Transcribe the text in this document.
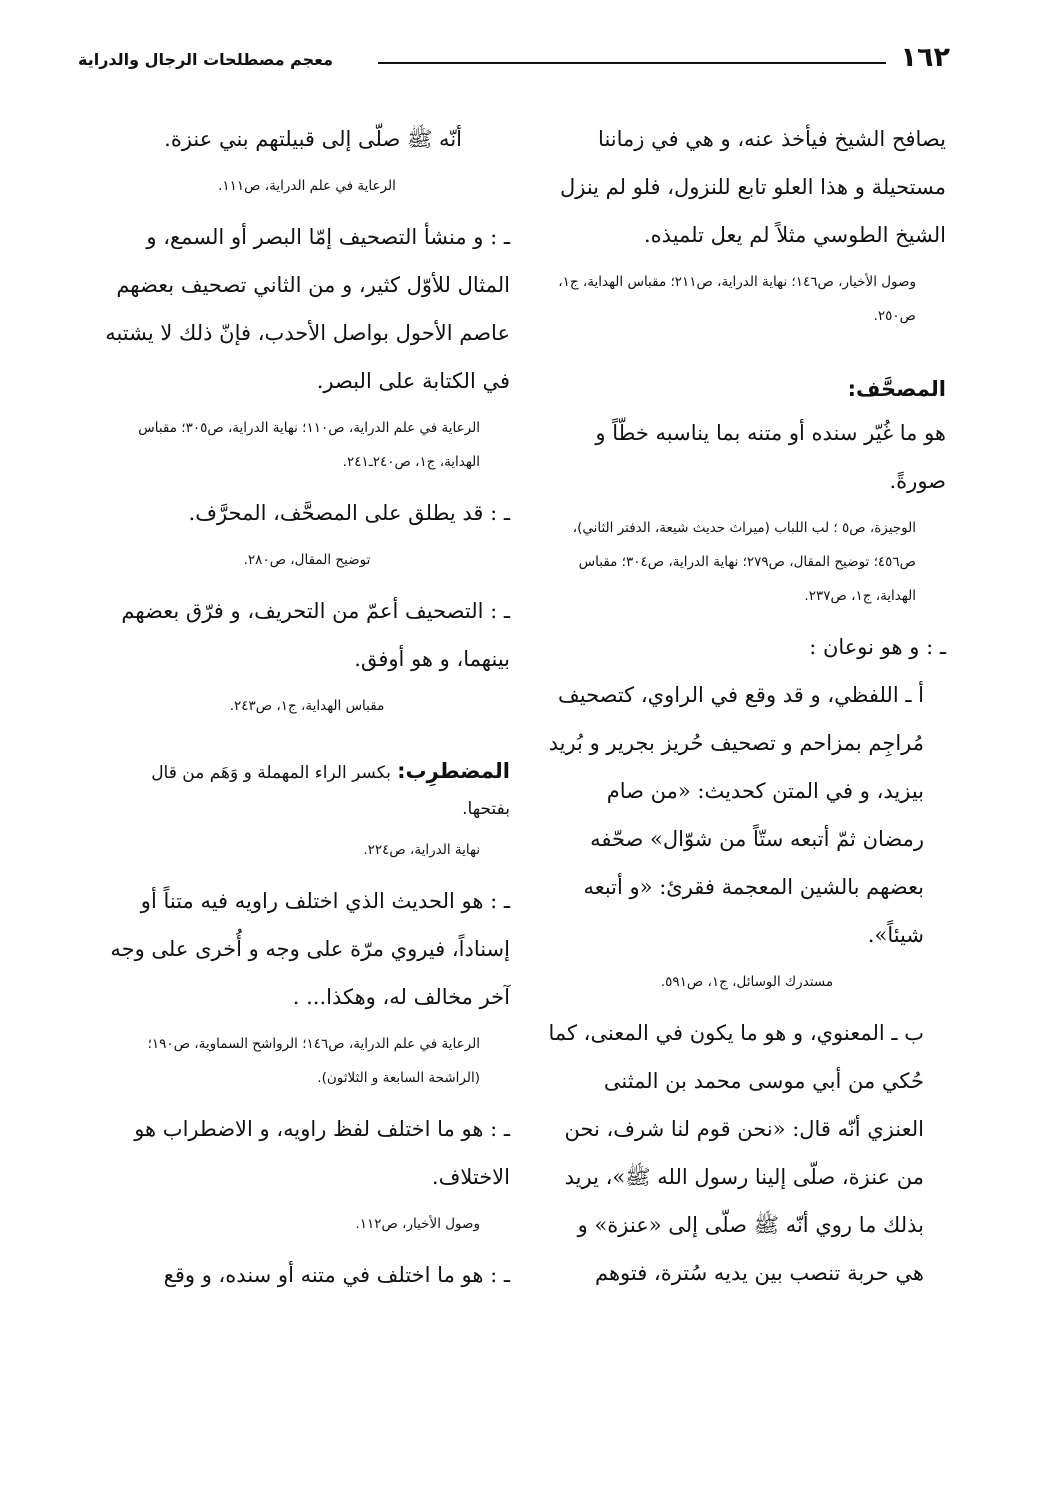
١٦٢
معجم مصطلحات الرجال والدراية

يصافح الشيخ فيأخذ عنه، و هي في زماننا مستحيلة و هذا العلو تابع للنزول، فلو لم ينزل الشيخ الطوسي مثلاً لم يعل تلميذه.

وصول الأخيار، ص١٤٦؛ نهاية الدراية، ص٢١١؛ مقباس الهداية، ج١، ص٢٥٠.

المصحَّف:

هو ما غُيّر سنده أو متنه بما يناسبه خطّاً و صورةً.

الوجيزة، ص٥ ؛ لب اللباب (ميراث حديث شيعة، الدفتر الثاني)، ص٤٥٦؛ توضيح المقال، ص٢٧٩؛ نهاية الدراية، ص٣٠٤؛ مقباس الهداية، ج١، ص٢٣٧.

ـ : و هو نوعان :

أ ـ اللفظي، و قد وقع في الراوي، كتصحيف مُراجِم بمزاحم و تصحيف حُريز بجرير و بُريد بيزيد، و في المتن كحديث: «من صام رمضان ثمّ أتبعه ستّاً من شوّال» صحّفه بعضهم بالشين المعجمة فقرئ: «و أتبعه شيئاً».

مستدرك الوسائل، ج١، ص٥٩١.

ب ـ المعنوي، و هو ما يكون في المعنى، كما حُكي من أبي موسى محمد بن المثنى العنزي أنّه قال: «نحن قوم لنا شرف، نحن من عنزة، صلّى إلينا رسول الله ﷺ»، يريد بذلك ما روي أنّه ﷺ صلّى إلى «عنزة» و هي حربة تنصب بين يديه سُترة، فتوهم

أنّه ﷺ صلّى إلى قبيلتهم بني عنزة.

الرعاية في علم الدراية، ص١١١.

ـ : و منشأ التصحيف إمّا البصر أو السمع، و المثال للأوّل كثير، و من الثاني تصحيف بعضهم عاصم الأحول بواصل الأحدب، فإنّ ذلك لا يشتبه في الكتابة على البصر.

الرعاية في علم الدراية، ص١١٠؛ نهاية الدراية، ص٣٠٥؛ مقباس الهداية، ج١، ص٢٤٠ـ٢٤١.

ـ : قد يطلق على المصحَّف، المحرَّف.

توضيح المقال، ص٢٨٠.

ـ : التصحيف أعمّ من التحريف، و فرّق بعضهم بينهما، و هو أوفق.

مقباس الهداية، ج١، ص٢٤٣.

المضطرِب: بكسر الراء المهملة و وَهَم من قال بفتحها.

نهاية الدراية، ص٢٢٤.

ـ : هو الحديث الذي اختلف راويه فيه متناً أو إسناداً، فيروي مرّة على وجه و أُخرى على وجه آخر مخالف له، وهكذا... .

الرعاية في علم الدراية، ص١٤٦؛ الرواشح السماوية، ص١٩٠؛ (الراشحة السابعة و الثلاثون).

ـ : هو ما اختلف لفظ راويه، و الاضطراب هو الاختلاف.

وصول الأخيار، ص١١٢.

ـ : هو ما اختلف في متنه أو سنده، و وقع
